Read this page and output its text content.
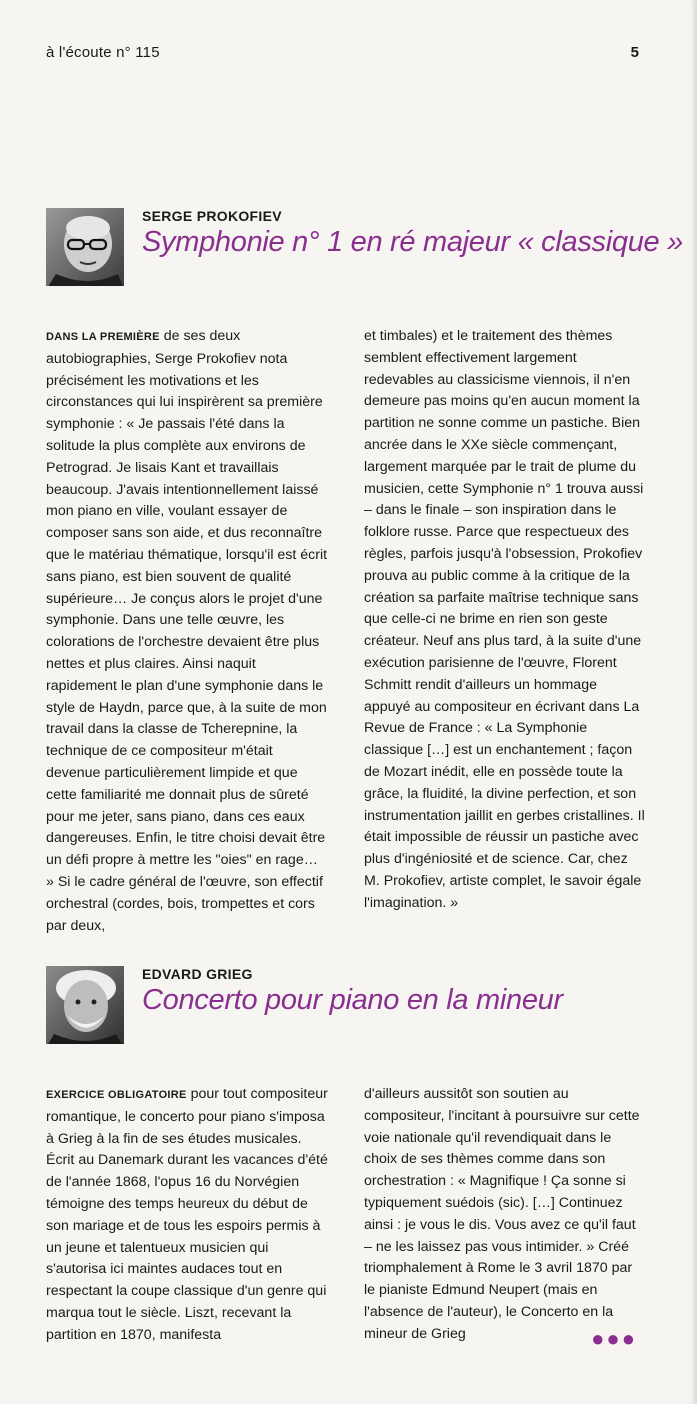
à l'écoute n° 115	5
SERGE PROKOFIEV
Symphonie n° 1 en ré majeur « classique »

DANS LA PREMIÈRE de ses deux autobiographies, Serge Prokofiev nota précisément les motivations et les circonstances qui lui inspirèrent sa première symphonie : « Je passais l'été dans la solitude la plus complète aux environs de Petrograd. Je lisais Kant et travaillais beaucoup. J'avais intentionnellement laissé mon piano en ville, voulant essayer de composer sans son aide, et dus reconnaître que le matériau thématique, lorsqu'il est écrit sans piano, est bien souvent de qualité supérieure… Je conçus alors le projet d'une symphonie. Dans une telle œuvre, les colorations de l'orchestre devaient être plus nettes et plus claires. Ainsi naquit rapidement le plan d'une symphonie dans le style de Haydn, parce que, à la suite de mon travail dans la classe de Tcherepnine, la technique de ce compositeur m'était devenue particulièrement limpide et que cette familiarité me donnait plus de sûreté pour me jeter, sans piano, dans ces eaux dangereuses. Enfin, le titre choisi devait être un défi propre à mettre les "oies" en rage… » Si le cadre général de l'œuvre, son effectif orchestral (cordes, bois, trompettes et cors par deux,

et timbales) et le traitement des thèmes semblent effectivement largement redevables au classicisme viennois, il n'en demeure pas moins qu'en aucun moment la partition ne sonne comme un pastiche. Bien ancrée dans le XXe siècle commençant, largement marquée par le trait de plume du musicien, cette Symphonie n° 1 trouva aussi – dans le finale – son inspiration dans le folklore russe. Parce que respectueux des règles, parfois jusqu'à l'obsession, Prokofiev prouva au public comme à la critique de la création sa parfaite maîtrise technique sans que celle-ci ne brime en rien son geste créateur. Neuf ans plus tard, à la suite d'une exécution parisienne de l'œuvre, Florent Schmitt rendit d'ailleurs un hommage appuyé au compositeur en écrivant dans La Revue de France : « La Symphonie classique […] est un enchantement ; façon de Mozart inédit, elle en possède toute la grâce, la fluidité, la divine perfection, et son instrumentation jaillit en gerbes cristallines. Il était impossible de réussir un pastiche avec plus d'ingéniosité et de science. Car, chez M. Prokofiev, artiste complet, le savoir égale l'imagination. »

EDVARD GRIEG
Concerto pour piano en la mineur

EXERCICE OBLIGATOIRE pour tout compositeur romantique, le concerto pour piano s'imposa à Grieg à la fin de ses études musicales. Écrit au Danemark durant les vacances d'été de l'année 1868, l'opus 16 du Norvégien témoigne des temps heureux du début de son mariage et de tous les espoirs permis à un jeune et talentueux musicien qui s'autorisa ici maintes audaces tout en respectant la coupe classique d'un genre qui marqua tout le siècle. Liszt, recevant la partition en 1870, manifesta

d'ailleurs aussitôt son soutien au compositeur, l'incitant à poursuivre sur cette voie nationale qu'il revendiquait dans le choix de ses thèmes comme dans son orchestration : « Magnifique ! Ça sonne si typiquement suédois (sic). […] Continuez ainsi : je vous le dis. Vous avez ce qu'il faut – ne les laissez pas vous intimider. » Créé triomphalement à Rome le 3 avril 1870 par le pianiste Edmund Neupert (mais en l'absence de l'auteur), le Concerto en la mineur de Grieg	●●●
